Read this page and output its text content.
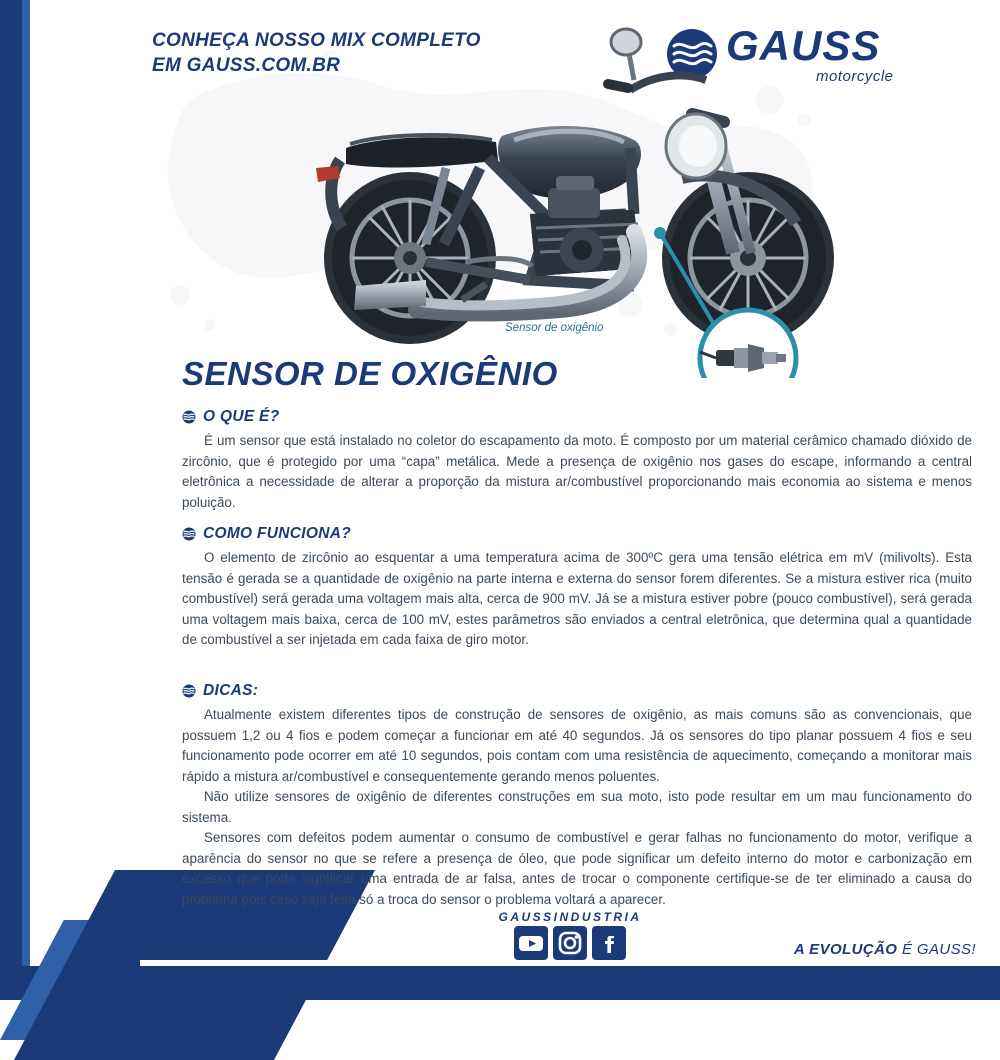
CONHEÇA NOSSO MIX COMPLETO
EM GAUSS.COM.BR	GAUSS
motorcycle
Sensor de oxigênio
SENSOR DE OXIGÊNIO
O QUE É?

É um sensor que está instalado no coletor do escapamento da moto. É composto por um material cerâmico chamado dióxido de zircônio, que é protegido por uma “capa” metálica. Mede a presença de oxigênio nos gases do escape, informando a central eletrônica a necessidade de alterar a proporção da mistura ar/combustível proporcionando mais economia ao sistema e menos poluição.

COMO FUNCIONA?

O elemento de zircônio ao esquentar a uma temperatura acima de 300ºC gera uma tensão elétrica em mV (milivolts). Esta tensão é gerada se a quantidade de oxigênio na parte interna e externa do sensor forem diferentes. Se a mistura estiver rica (muito combustível) será gerada uma voltagem mais alta, cerca de 900 mV. Já se a mistura estiver pobre (pouco combustível), será gerada uma voltagem mais baixa, cerca de 100 mV, estes parâmetros são enviados a central eletrônica, que determina qual a quantidade de combustível a ser injetada em cada faixa de giro motor.

DICAS:

Atualmente existem diferentes tipos de construção de sensores de oxigênio, as mais comuns são as convencionais, que possuem 1,2 ou 4 fios e podem começar a funcionar em até 40 segundos. Já os sensores do tipo planar possuem 4 fios e seu funcionamento pode ocorrer em até 10 segundos, pois contam com uma resistência de aquecimento, começando a monitorar mais rápido a mistura ar/combustível e consequentemente gerando menos poluentes.

Não utilize sensores de oxigênio de diferentes construções em sua moto, isto pode resultar em um mau funcionamento do sistema.

Sensores com defeitos podem aumentar o consumo de combustível e gerar falhas no funcionamento do motor, verifique a aparência do sensor no que se refere a presença de óleo, que pode significar um defeito interno do motor e carbonização em excesso que pode significar uma entrada de ar falsa, antes de trocar o componente certifique-se de ter eliminado a causa do problema pois caso seja feita só a troca do sensor o problema voltará a aparecer.

GAUSSINDUSTRIA
A EVOLUÇÃO É GAUSS!
